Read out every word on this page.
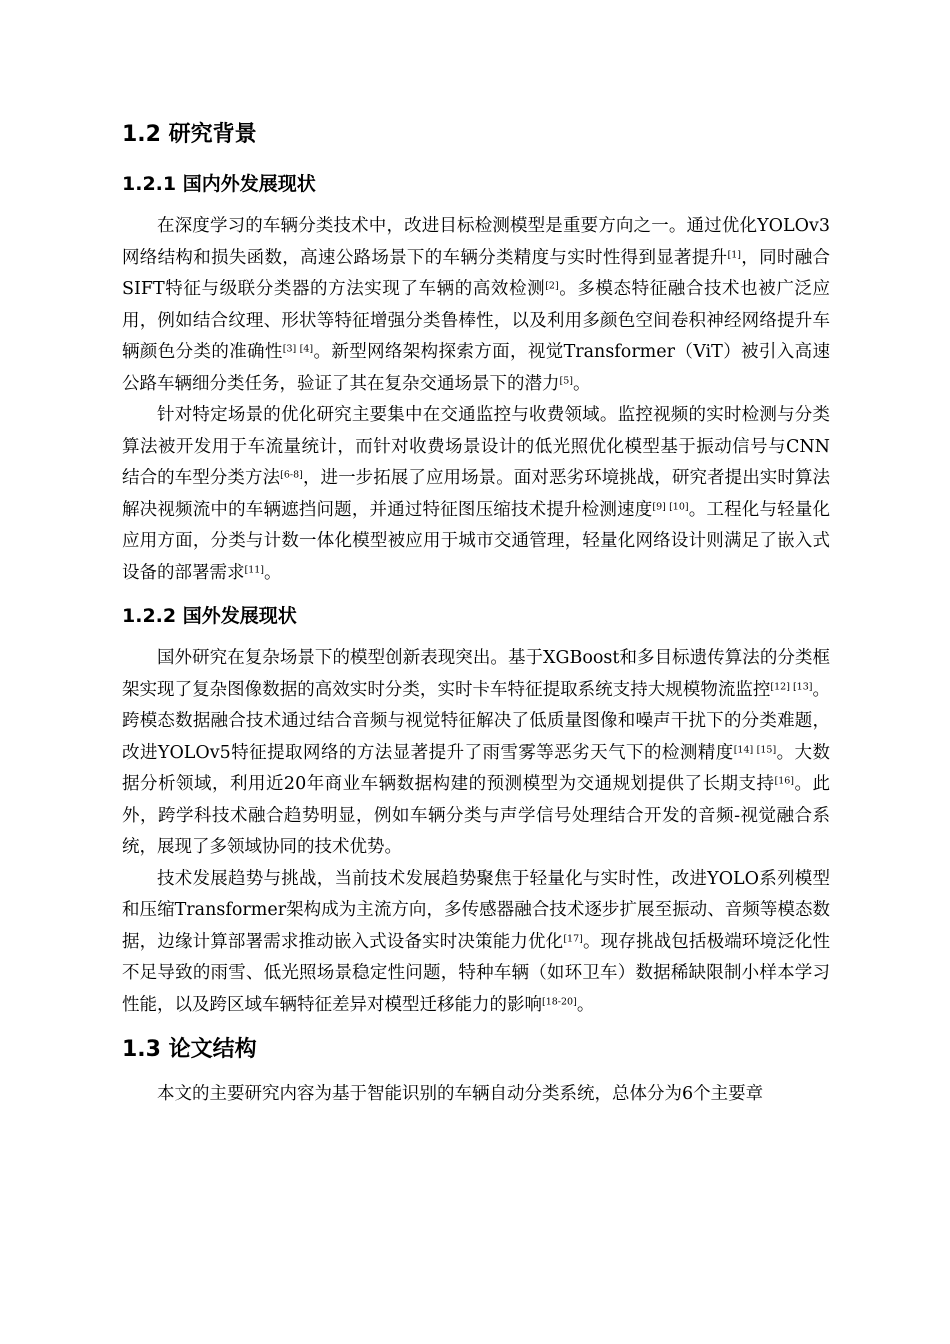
1.2 研究背景
1.2.1 国内外发展现状

在深度学习的车辆分类技术中，改进目标检测模型是重要方向之一。通过优化YOLOv3网络结构和损失函数，高速公路场景下的车辆分类精度与实时性得到显著提升[1]，同时融合SIFT特征与级联分类器的方法实现了车辆的高效检测[2]。多模态特征融合技术也被广泛应用，例如结合纹理、形状等特征增强分类鲁棒性，以及利用多颜色空间卷积神经网络提升车辆颜色分类的准确性[3] [4]。新型网络架构探索方面，视觉Transformer（ViT）被引入高速公路车辆细分类任务，验证了其在复杂交通场景下的潜力[5]。

针对特定场景的优化研究主要集中在交通监控与收费领域。监控视频的实时检测与分类算法被开发用于车流量统计，而针对收费场景设计的低光照优化模型基于振动信号与CNN结合的车型分类方法[6-8]，进一步拓展了应用场景。面对恶劣环境挑战，研究者提出实时算法解决视频流中的车辆遮挡问题，并通过特征图压缩技术提升检测速度[9] [10]。工程化与轻量化应用方面，分类与计数一体化模型被应用于城市交通管理，轻量化网络设计则满足了嵌入式设备的部署需求[11]。

1.2.2 国外发展现状

国外研究在复杂场景下的模型创新表现突出。基于XGBoost和多目标遗传算法的分类框架实现了复杂图像数据的高效实时分类，实时卡车特征提取系统支持大规模物流监控[12] [13]。跨模态数据融合技术通过结合音频与视觉特征解决了低质量图像和噪声干扰下的分类难题，改进YOLOv5特征提取网络的方法显著提升了雨雪雾等恶劣天气下的检测精度[14] [15]。大数据分析领域，利用近20年商业车辆数据构建的预测模型为交通规划提供了长期支持[16]。此外，跨学科技术融合趋势明显，例如车辆分类与声学信号处理结合开发的音频-视觉融合系统，展现了多领域协同的技术优势。

技术发展趋势与挑战，当前技术发展趋势聚焦于轻量化与实时性，改进YOLO系列模型和压缩Transformer架构成为主流方向，多传感器融合技术逐步扩展至振动、音频等模态数据，边缘计算部署需求推动嵌入式设备实时决策能力优化[17]。现存挑战包括极端环境泛化性不足导致的雨雪、低光照场景稳定性问题，特种车辆（如环卫车）数据稀缺限制小样本学习性能，以及跨区域车辆特征差异对模型迁移能力的影响[18-20]。

1.3 论文结构

本文的主要研究内容为基于智能识别的车辆自动分类系统，总体分为6个主要章
